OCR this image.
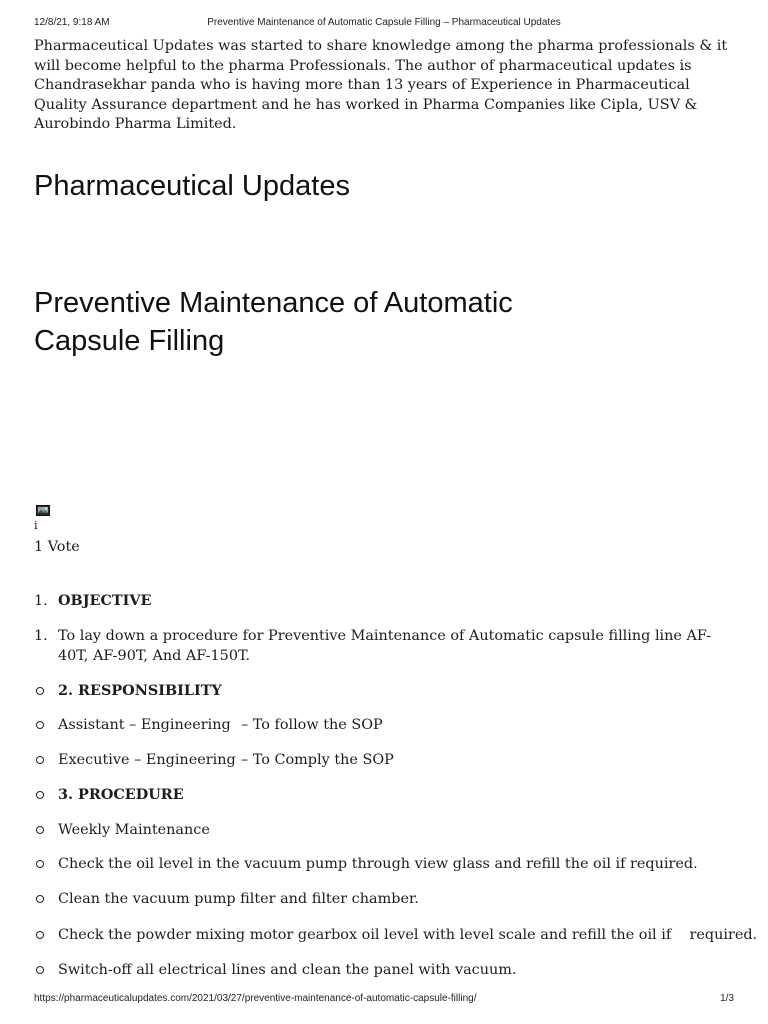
12/8/21, 9:18 AM	Preventive Maintenance of Automatic Capsule Filling – Pharmaceutical Updates

Pharmaceutical Updates was started to share knowledge among the pharma professionals & it will become helpful to the pharma Professionals. The author of pharmaceutical updates is Chandrasekhar panda who is having more than 13 years of Experience in Pharmaceutical Quality Assurance department and he has worked in Pharma Companies like Cipla, USV & Aurobindo Pharma Limited.

Pharmaceutical Updates
Preventive Maintenance of Automatic Capsule Filling
i
1 Vote
1. OBJECTIVE
1. To lay down a procedure for Preventive Maintenance of Automatic capsule filling line AF-40T, AF-90T, And AF-150T.
2. RESPONSIBILITY
Assistant – Engineering – To follow the SOP
Executive – Engineering – To Comply the SOP
3. PROCEDURE
Weekly Maintenance
Check the oil level in the vacuum pump through view glass and refill the oil if required.
Clean the vacuum pump filter and filter chamber.
Check the powder mixing motor gearbox oil level with level scale and refill the oil if    required.
Switch-off all electrical lines and clean the panel with vacuum.
https://pharmaceuticalupdates.com/2021/03/27/preventive-maintenance-of-automatic-capsule-filling/	1/3
